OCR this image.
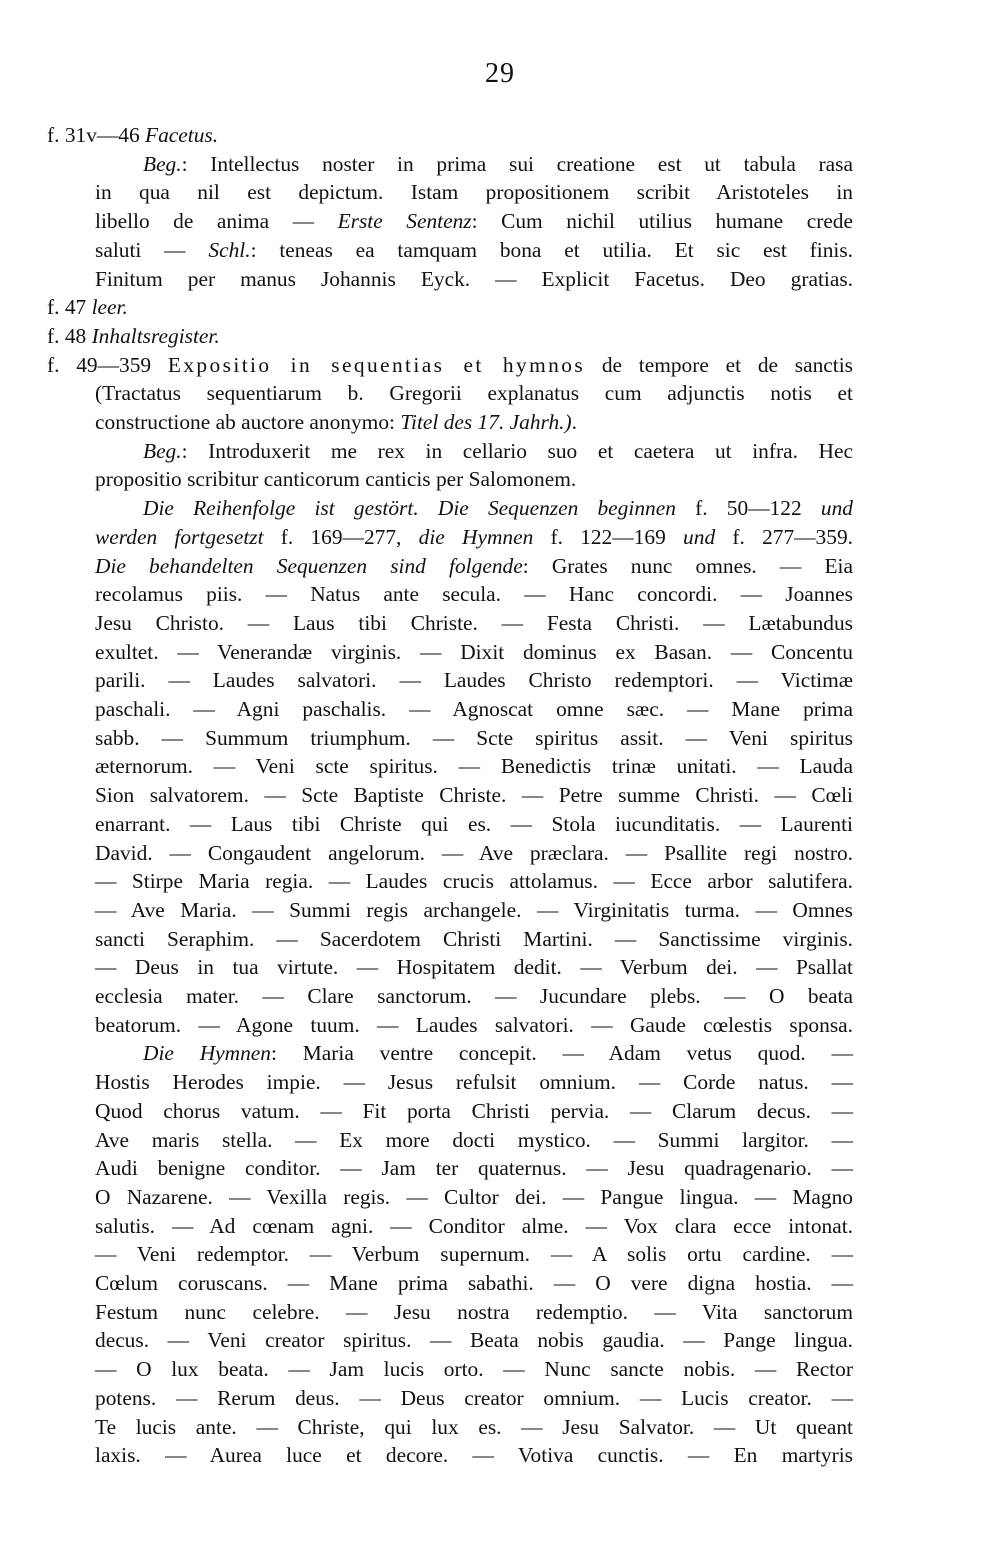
29
f. 31v—46 Facetus.
Beg.: Intellectus noster in prima sui creatione est ut tabula rasa
in qua nil est depictum. Istam propositionem scribit Aristoteles in
libello de anima — Erste Sentenz: Cum nichil utilius humane crede
saluti — Schl.: teneas ea tamquam bona et utilia. Et sic est finis.
Finitum per manus Johannis Eyck. — Explicit Facetus. Deo gratias.
f. 47 leer.
f. 48 Inhaltsregister.
f. 49—359 Expositio in sequentias et hymnos de tempore et de sanctis
(Tractatus sequentiarum b. Gregorii explanatus cum adjunctis notis et
constructione ab auctore anonymo: Titel des 17. Jahrh.).
Beg.: Introduxerit me rex in cellario suo et caetera ut infra. Hec
propositio scribitur canticorum canticis per Salomonem.
Die Reihenfolge ist gestört. Die Sequenzen beginnen f. 50—122 und
werden fortgesetzt f. 169—277, die Hymnen f. 122—169 und f. 277—359.
Die behandelten Sequenzen sind folgende: Grates nunc omnes. — Eia
recolamus piis. — Natus ante secula. — Hanc concordi. — Joannes
Jesu Christo. — Laus tibi Christe. — Festa Christi. — Lætabundus
exultet. — Venerandæ virginis. — Dixit dominus ex Basan. — Concentu
parili. — Laudes salvatori. — Laudes Christo redemptori. — Victimæ
paschali. — Agni paschalis. — Agnoscat omne sæc. — Mane prima
sabb. — Summum triumphum. — Scte spiritus assit. — Veni spiritus
æternorum. — Veni scte spiritus. — Benedictis trinæ unitati. — Lauda
Sion salvatorem. — Scte Baptiste Christe. — Petre summe Christi. — Cœli
enarrant. — Laus tibi Christe qui es. — Stola iucunditatis. — Laurenti
David. — Congaudent angelorum. — Ave præclara. — Psallite regi nostro.
— Stirpe Maria regia. — Laudes crucis attolamus. — Ecce arbor salutifera.
— Ave Maria. — Summi regis archangele. — Virginitatis turma. — Omnes
sancti Seraphim. — Sacerdotem Christi Martini. — Sanctissime virginis.
— Deus in tua virtute. — Hospitatem dedit. — Verbum dei. — Psallat
ecclesia mater. — Clare sanctorum. — Jucundare plebs. — O beata
beatorum. — Agone tuum. — Laudes salvatori. — Gaude cœlestis sponsa.
Die Hymnen: Maria ventre concepit. — Adam vetus quod. —
Hostis Herodes impie. — Jesus refulsit omnium. — Corde natus. —
Quod chorus vatum. — Fit porta Christi pervia. — Clarum decus. —
Ave maris stella. — Ex more docti mystico. — Summi largitor. —
Audi benigne conditor. — Jam ter quaternus. — Jesu quadragenario. —
O Nazarene. — Vexilla regis. — Cultor dei. — Pangue lingua. — Magno
salutis. — Ad cœnam agni. — Conditor alme. — Vox clara ecce intonat.
— Veni redemptor. — Verbum supernum. — A solis ortu cardine. —
Cœlum coruscans. — Mane prima sabathi. — O vere digna hostia. —
Festum nunc celebre. — Jesu nostra redemptio. — Vita sanctorum
decus. — Veni creator spiritus. — Beata nobis gaudia. — Pange lingua.
— O lux beata. — Jam lucis orto. — Nunc sancte nobis. — Rector
potens. — Rerum deus. — Deus creator omnium. — Lucis creator. —
Te lucis ante. — Christe, qui lux es. — Jesu Salvator. — Ut queant
laxis. — Aurea luce et decore. — Votiva cunctis. — En martyris
